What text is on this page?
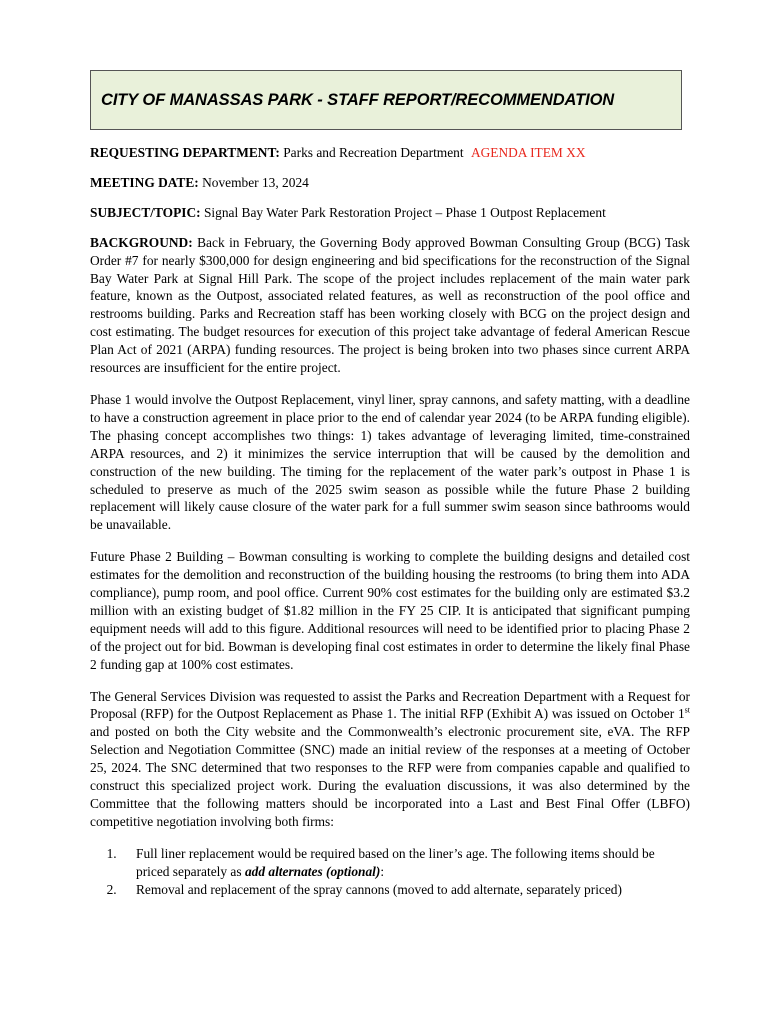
CITY OF MANASSAS PARK - STAFF REPORT/RECOMMENDATION
REQUESTING DEPARTMENT: Parks and Recreation Department AGENDA ITEM XX
MEETING DATE: November 13, 2024
SUBJECT/TOPIC: Signal Bay Water Park Restoration Project – Phase 1 Outpost Replacement

BACKGROUND: Back in February, the Governing Body approved Bowman Consulting Group (BCG) Task Order #7 for nearly $300,000 for design engineering and bid specifications for the reconstruction of the Signal Bay Water Park at Signal Hill Park. The scope of the project includes replacement of the main water park feature, known as the Outpost, associated related features, as well as reconstruction of the pool office and restrooms building. Parks and Recreation staff has been working closely with BCG on the project design and cost estimating. The budget resources for execution of this project take advantage of federal American Rescue Plan Act of 2021 (ARPA) funding resources. The project is being broken into two phases since current ARPA resources are insufficient for the entire project.

Phase 1 would involve the Outpost Replacement, vinyl liner, spray cannons, and safety matting, with a deadline to have a construction agreement in place prior to the end of calendar year 2024 (to be ARPA funding eligible). The phasing concept accomplishes two things: 1) takes advantage of leveraging limited, time-constrained ARPA resources, and 2) it minimizes the service interruption that will be caused by the demolition and construction of the new building. The timing for the replacement of the water park’s outpost in Phase 1 is scheduled to preserve as much of the 2025 swim season as possible while the future Phase 2 building replacement will likely cause closure of the water park for a full summer swim season since bathrooms would be unavailable.

Future Phase 2 Building – Bowman consulting is working to complete the building designs and detailed cost estimates for the demolition and reconstruction of the building housing the restrooms (to bring them into ADA compliance), pump room, and pool office. Current 90% cost estimates for the building only are estimated $3.2 million with an existing budget of $1.82 million in the FY 25 CIP. It is anticipated that significant pumping equipment needs will add to this figure. Additional resources will need to be identified prior to placing Phase 2 of the project out for bid. Bowman is developing final cost estimates in order to determine the likely final Phase 2 funding gap at 100% cost estimates.

The General Services Division was requested to assist the Parks and Recreation Department with a Request for Proposal (RFP) for the Outpost Replacement as Phase 1. The initial RFP (Exhibit A) was issued on October 1st and posted on both the City website and the Commonwealth’s electronic procurement site, eVA. The RFP Selection and Negotiation Committee (SNC) made an initial review of the responses at a meeting of October 25, 2024. The SNC determined that two responses to the RFP were from companies capable and qualified to construct this specialized project work. During the evaluation discussions, it was also determined by the Committee that the following matters should be incorporated into a Last and Best Final Offer (LBFO) competitive negotiation involving both firms:

1. Full liner replacement would be required based on the liner’s age. The following items should be priced separately as add alternates (optional):
2. Removal and replacement of the spray cannons (moved to add alternate, separately priced)
